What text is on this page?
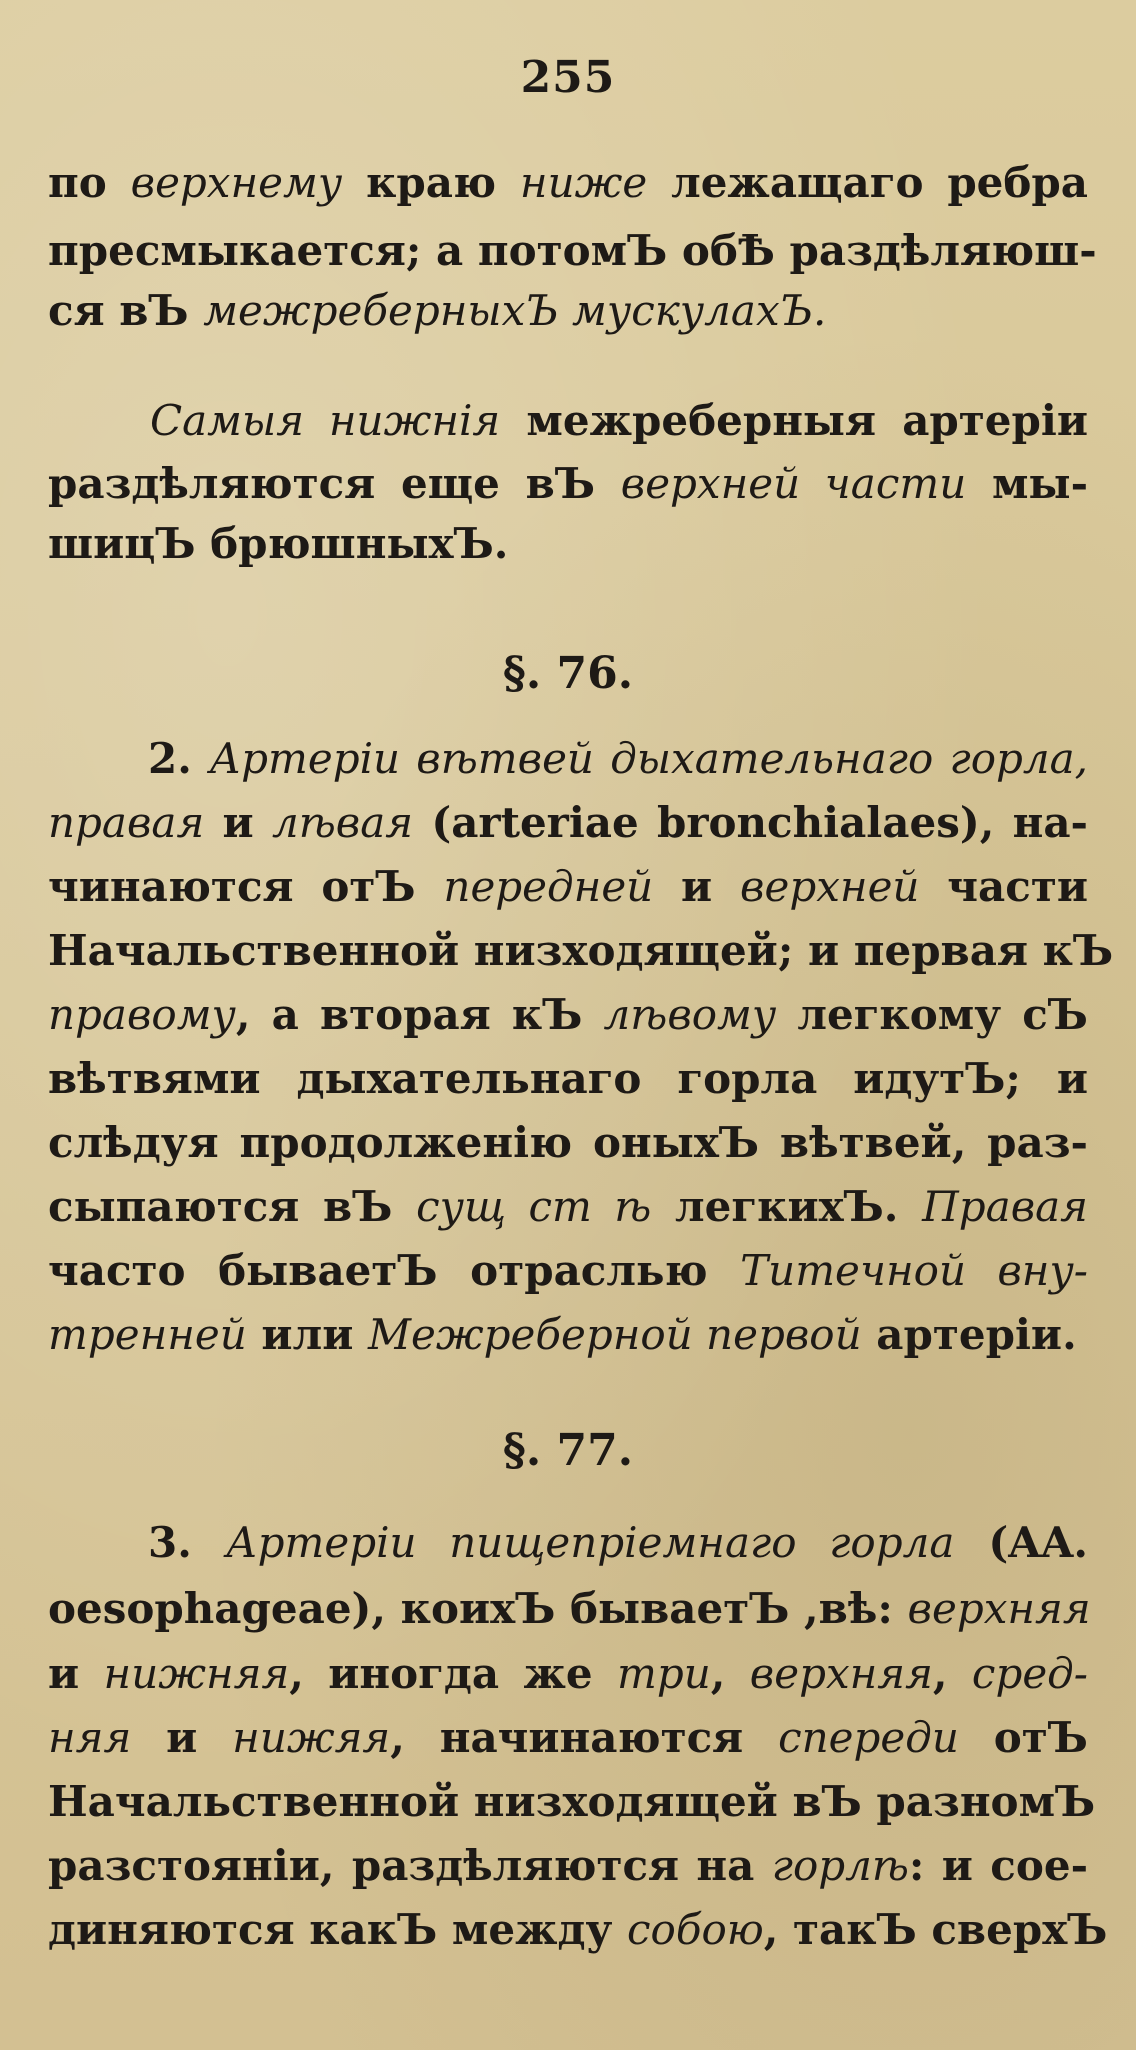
255
по верхнему краю ниже лежащаго ребра
пресмыкается; а потомЪ обѢ раздѣляюш-
ся вЪ межреберныхЪ мускулахЪ.
Самыя нижнія межреберныя артеріи
раздѣляются еще вЪ верхней части мы-
шицЪ брюшныхЪ.
§. 76.
2. Артеріи вѣтвей дыхательнаго горла,
правая и лѣвая (arteriae bronchialaes), на-
чинаются отЪ передней и верхней части
Начальственной низходящей; и первая кЪ
правому, а вторая кЪ лѣвому легкому сЪ
вѣтвями дыхательнаго горла идутЪ; и
слѣдуя продолженію оныхЪ вѣтвей, раз-
сыпаются вЪ сущ ст ѣ легкихЪ. Правая
часто бываетЪ отраслью Титечной вну-
тренней или Межреберной первой артеріи.
§. 77.
3. Артеріи пищепріемнаго горла (AA.
oesophageae), коихЪ бываетЪ ,вѣ: верхняя
и нижняя, иногда же три, верхняя, сред-
няя и нижяя, начинаются спереди отЪ
Начальственной низходящей вЪ разномЪ
разстояніи, раздѣляются на горлѣ: и сое-
диняются какЪ между собою, такЪ сверхЪ
